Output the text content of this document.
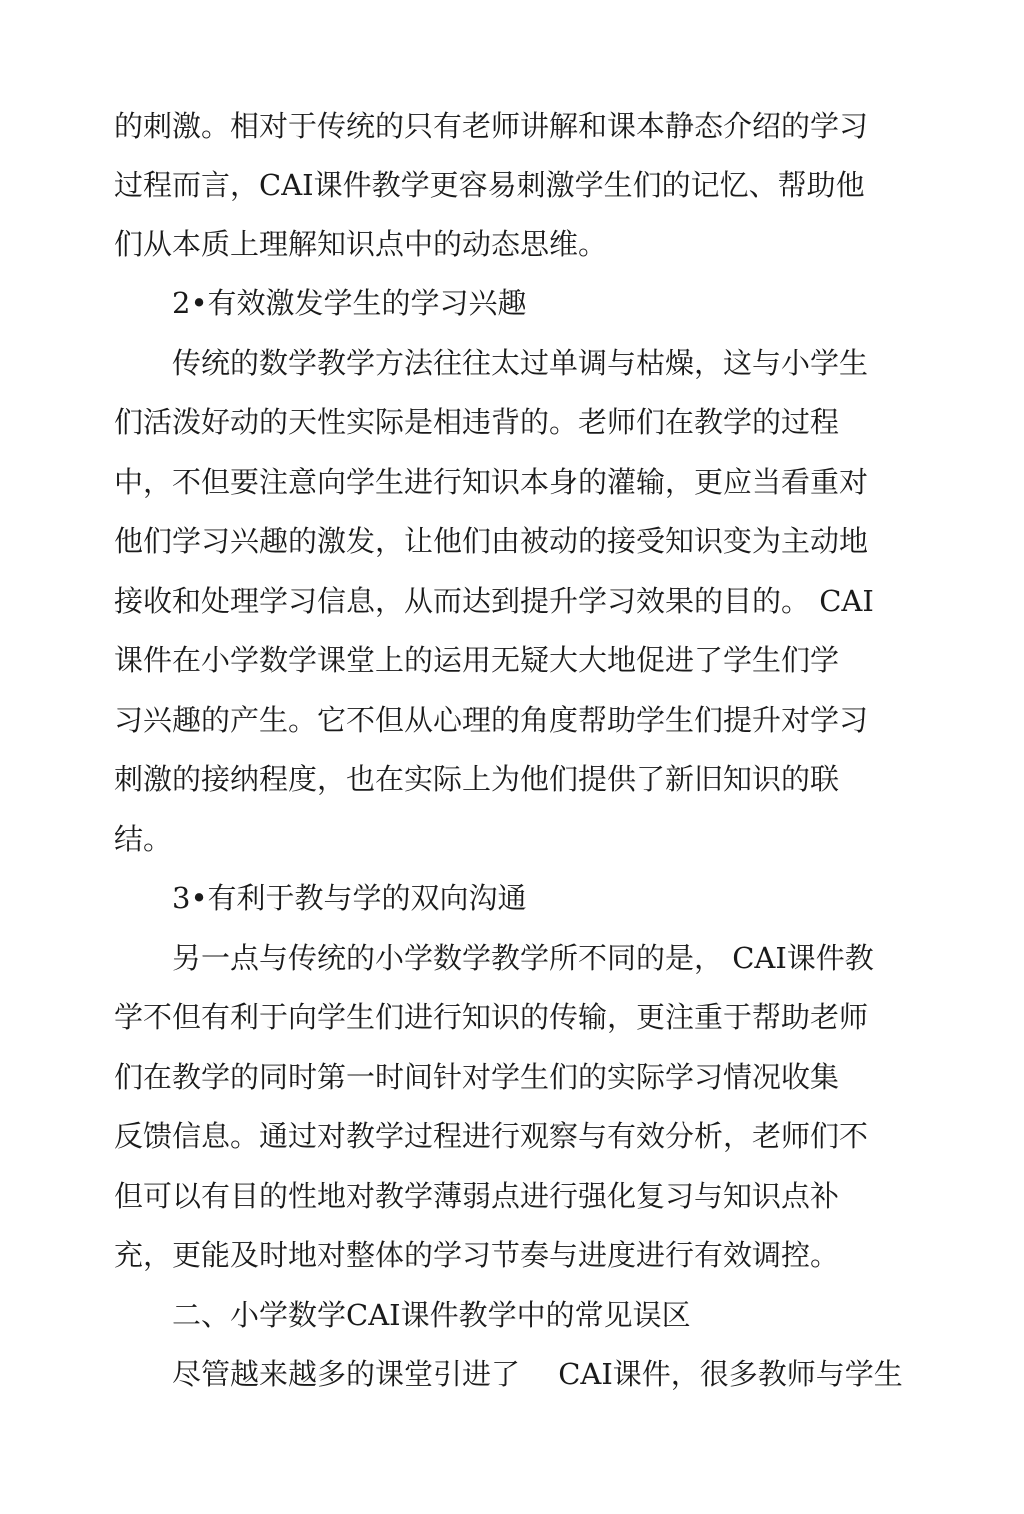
的刺激。相对于传统的只有老师讲解和课本静态介绍的学习
过程而言，CAI课件教学更容易刺激学生们的记忆、帮助他
们从本质上理解知识点中的动态思维。
2•有效激发学生的学习兴趣
传统的数学教学方法往往太过单调与枯燥，这与小学生
们活泼好动的天性实际是相违背的。老师们在教学的过程
中，不但要注意向学生进行知识本身的灌输，更应当看重对
他们学习兴趣的激发，让他们由被动的接受知识变为主动地
接收和处理学习信息，从而达到提升学习效果的目的。 CAI
课件在小学数学课堂上的运用无疑大大地促进了学生们学
习兴趣的产生。它不但从心理的角度帮助学生们提升对学习
刺激的接纳程度，也在实际上为他们提供了新旧知识的联
结。
3•有利于教与学的双向沟通
另一点与传统的小学数学教学所不同的是， CAI课件教
学不但有利于向学生们进行知识的传输，更注重于帮助老师
们在教学的同时第一时间针对学生们的实际学习情况收集
反馈信息。通过对教学过程进行观察与有效分析，老师们不
但可以有目的性地对教学薄弱点进行强化复习与知识点补
充，更能及时地对整体的学习节奏与进度进行有效调控。
二、小学数学CAI课件教学中的常见误区
尽管越来越多的课堂引进了　 CAI课件，很多教师与学生
